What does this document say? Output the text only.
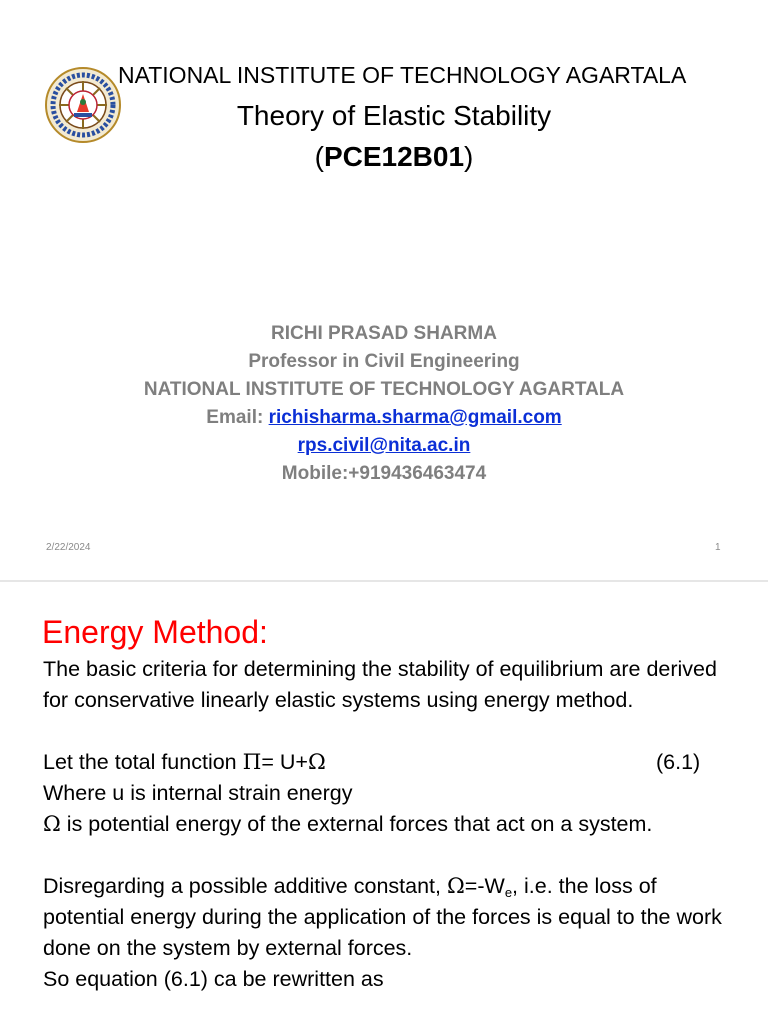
NATIONAL INSTITUTE OF TECHNOLOGY AGARTALA
Theory of Elastic Stability
(PCE12B01)
RICHI PRASAD SHARMA
Professor in Civil Engineering
NATIONAL INSTITUTE OF TECHNOLOGY AGARTALA
Email: richisharma.sharma@gmail.com
rps.civil@nita.ac.in
Mobile:+919436463474
2/22/2024	1
Energy Method:

The basic criteria for determining the stability of equilibrium are derived for conservative linearly elastic systems using energy method.

Let the total function Π= U+Ω	(6.1)

Where u is internal strain energy

Ω is potential energy of the external forces that act on a system.

Disregarding a possible additive constant, $\Omega=-W_e$, i.e. the loss of potential energy during the application of the forces is equal to the work done on the system by external forces.

So equation (6.1) ca be rewritten as
